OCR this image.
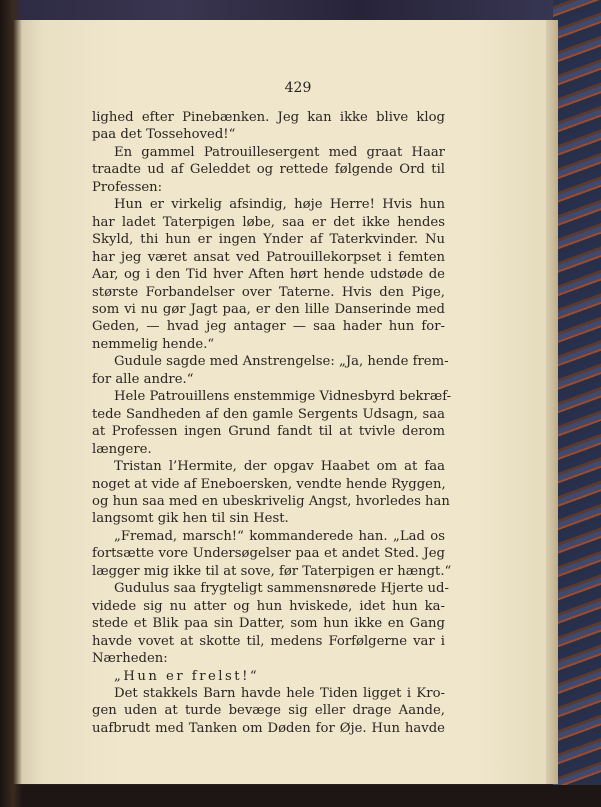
429
lighed efter Pinebænken. Jeg kan ikke blive klog
paa det Tossehoved!“
En gammel Patrouillesergent med graat Haar
traadte ud af Geleddet og rettede følgende Ord til
Professen:
Hun er virkelig afsindig, høje Herre! Hvis hun
har ladet Taterpigen løbe, saa er det ikke hendes
Skyld, thi hun er ingen Ynder af Taterkvinder. Nu
har jeg været ansat ved Patrouillekorpset i femten
Aar, og i den Tid hver Aften hørt hende udstøde de
største Forbandelser over Taterne. Hvis den Pige,
som vi nu gør Jagt paa, er den lille Danserinde med
Geden, — hvad jeg antager — saa hader hun for-
nemmelig hende.“
Gudule sagde med Anstrengelse: „Ja, hende frem-
for alle andre.“
Hele Patrouillens enstemmige Vidnesbyrd bekræf-
tede Sandheden af den gamle Sergents Udsagn, saa
at Professen ingen Grund fandt til at tvivle derom
længere.
Tristan l’Hermite, der opgav Haabet om at faa
noget at vide af Eneboersken, vendte hende Ryggen,
og hun saa med en ubeskrivelig Angst, hvorledes han
langsomt gik hen til sin Hest.
„Fremad, marsch!“ kommanderede han. „Lad os
fortsætte vore Undersøgelser paa et andet Sted. Jeg
lægger mig ikke til at sove, før Taterpigen er hængt.“
Gudulus saa frygteligt sammensnørede Hjerte ud-
videde sig nu atter og hun hviskede, idet hun ka-
stede et Blik paa sin Datter, som hun ikke en Gang
havde vovet at skotte til, medens Forfølgerne var i
Nærheden:
„Hun er frelst!“
Det stakkels Barn havde hele Tiden ligget i Kro-
gen uden at turde bevæge sig eller drage Aande,
uafbrudt med Tanken om Døden for Øje. Hun havde
